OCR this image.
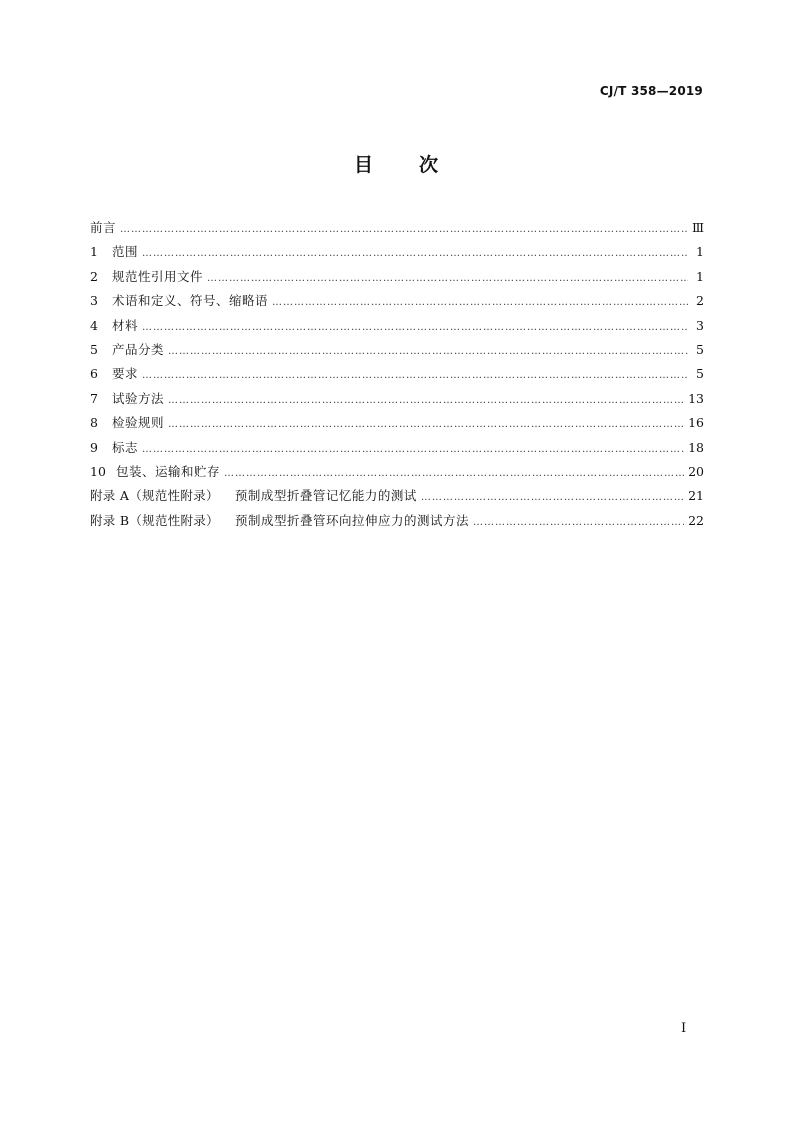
CJ/T 358—2019
目 次
前言 ……………………………………………………………………………………………………………………………………………………………………………………………………………………………	Ⅲ
1	范围 ……………………………………………………………………………………………………………………………………………………………………………………………………………………………	1
2	规范性引用文件 ……………………………………………………………………………………………………………………………………………………………………………………………………………………………	1
3	术语和定义、符号、缩略语 ……………………………………………………………………………………………………………………………………………………………………………………………………………………………	2
4	材料 ……………………………………………………………………………………………………………………………………………………………………………………………………………………………	3
5	产品分类 ……………………………………………………………………………………………………………………………………………………………………………………………………………………………	5
6	要求 ……………………………………………………………………………………………………………………………………………………………………………………………………………………………	5
7	试验方法 ……………………………………………………………………………………………………………………………………………………………………………………………………………………………	13
8	检验规则 ……………………………………………………………………………………………………………………………………………………………………………………………………………………………	16
9	标志 ……………………………………………………………………………………………………………………………………………………………………………………………………………………………	18
10 包装、运输和贮存 ……………………………………………………………………………………………………………………………………………………………………………………………………………………………	20
附录 A（规范性附录） 预制成型折叠管记忆能力的测试 ……………………………………………………………………………………………………………………………………………………………………………………………………………………………	21
附录 B（规范性附录） 预制成型折叠管环向拉伸应力的测试方法 ……………………………………………………………………………………………………………………………………………………………………………………………………………………………	22
I
